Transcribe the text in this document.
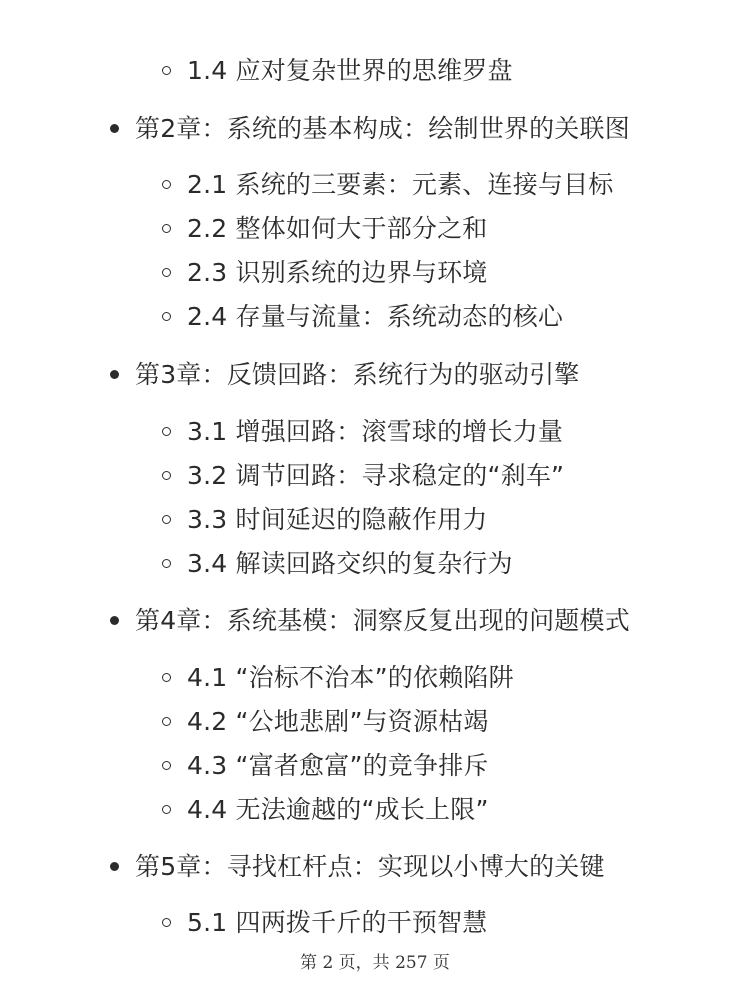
1.4 应对复杂世界的思维罗盘
第2章：系统的基本构成：绘制世界的关联图
2.1 系统的三要素：元素、连接与目标
2.2 整体如何大于部分之和
2.3 识别系统的边界与环境
2.4 存量与流量：系统动态的核心
第3章：反馈回路：系统行为的驱动引擎
3.1 增强回路：滚雪球的增长力量
3.2 调节回路：寻求稳定的“刹车”
3.3 时间延迟的隐蔽作用力
3.4 解读回路交织的复杂行为
第4章：系统基模：洞察反复出现的问题模式
4.1 “治标不治本”的依赖陷阱
4.2 “公地悲剧”与资源枯竭
4.3 “富者愈富”的竞争排斥
4.4 无法逾越的“成长上限”
第5章：寻找杠杆点：实现以小博大的关键
5.1 四两拨千斤的干预智慧
第 2 页，共 257 页
